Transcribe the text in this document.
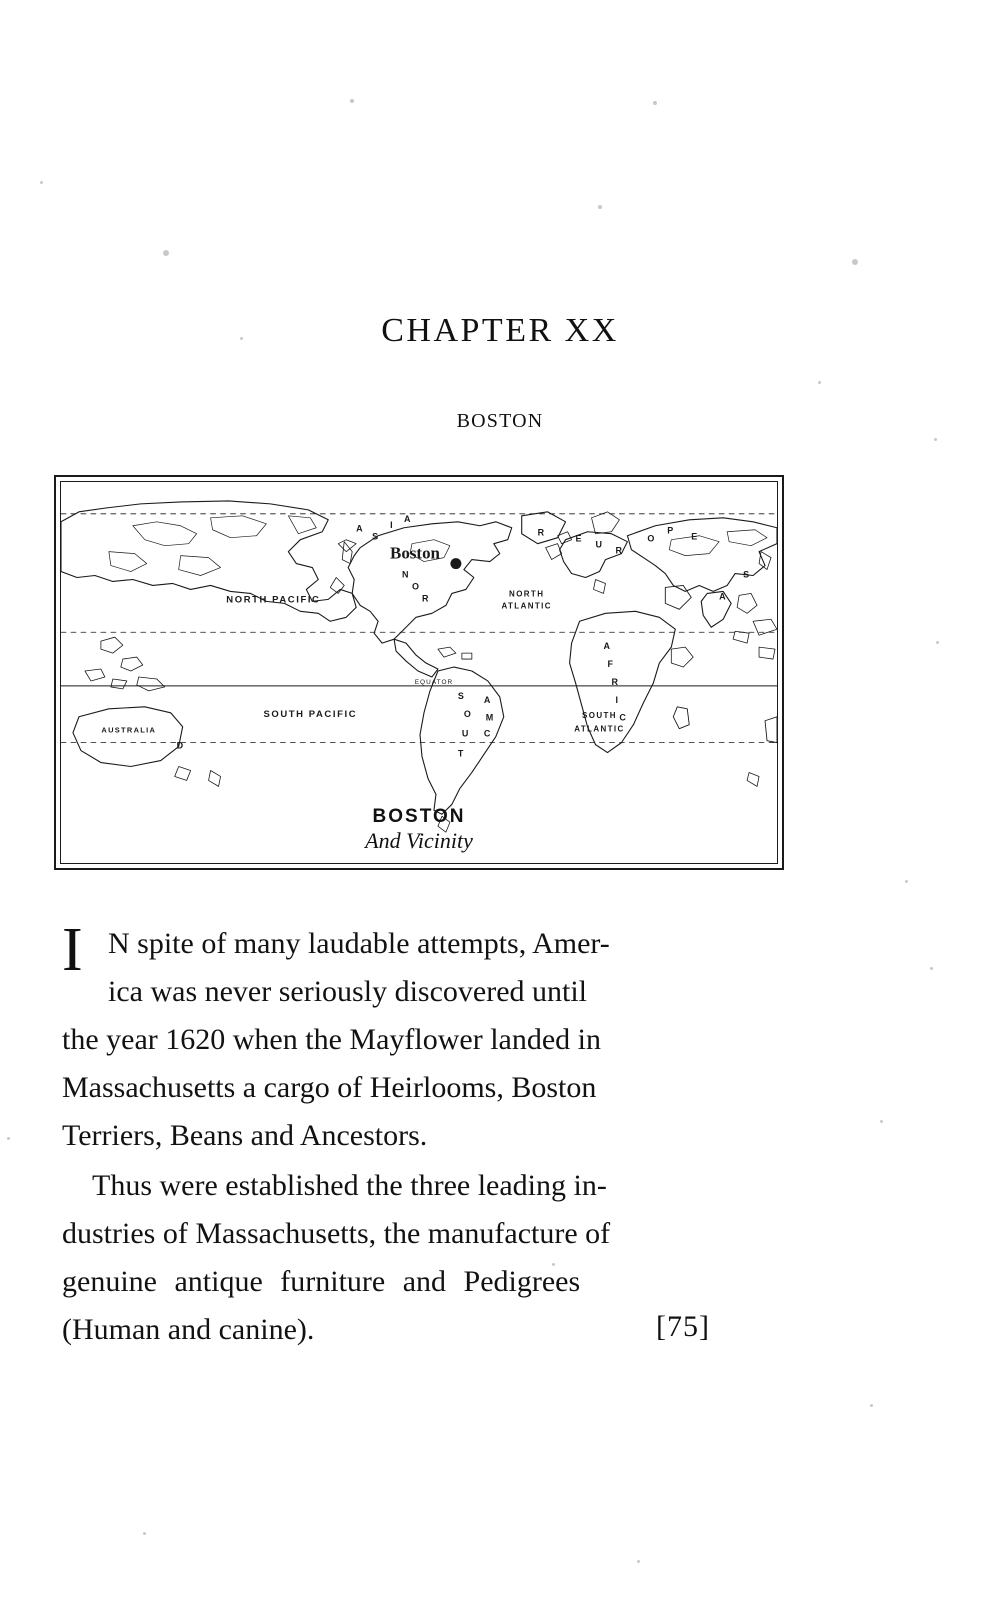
CHAPTER XX
BOSTON
NORTH PACIFIC
NORTH
ATLANTIC
SOUTH PACIFIC	SOUTH
ATLANTIC
AUSTRALIA
EQUATOR
A
S
I
A
E
U
R
O
P
E
A
F
R
I
C
N
O
R
S
O
U
T
A
M
C
R
A
S
D
Boston
BOSTON
And Vicinity
I N spite of many laudable attempts, Amer-
ica was never seriously discovered until
the year 1620 when the Mayflower landed in
Massachusetts a cargo of Heirlooms, Boston
Terriers, Beans and Ancestors.
Thus were established the three leading in-
dustries of Massachusetts, the manufacture of
genuine antique furniture and Pedigrees
(Human and canine).	[75]
